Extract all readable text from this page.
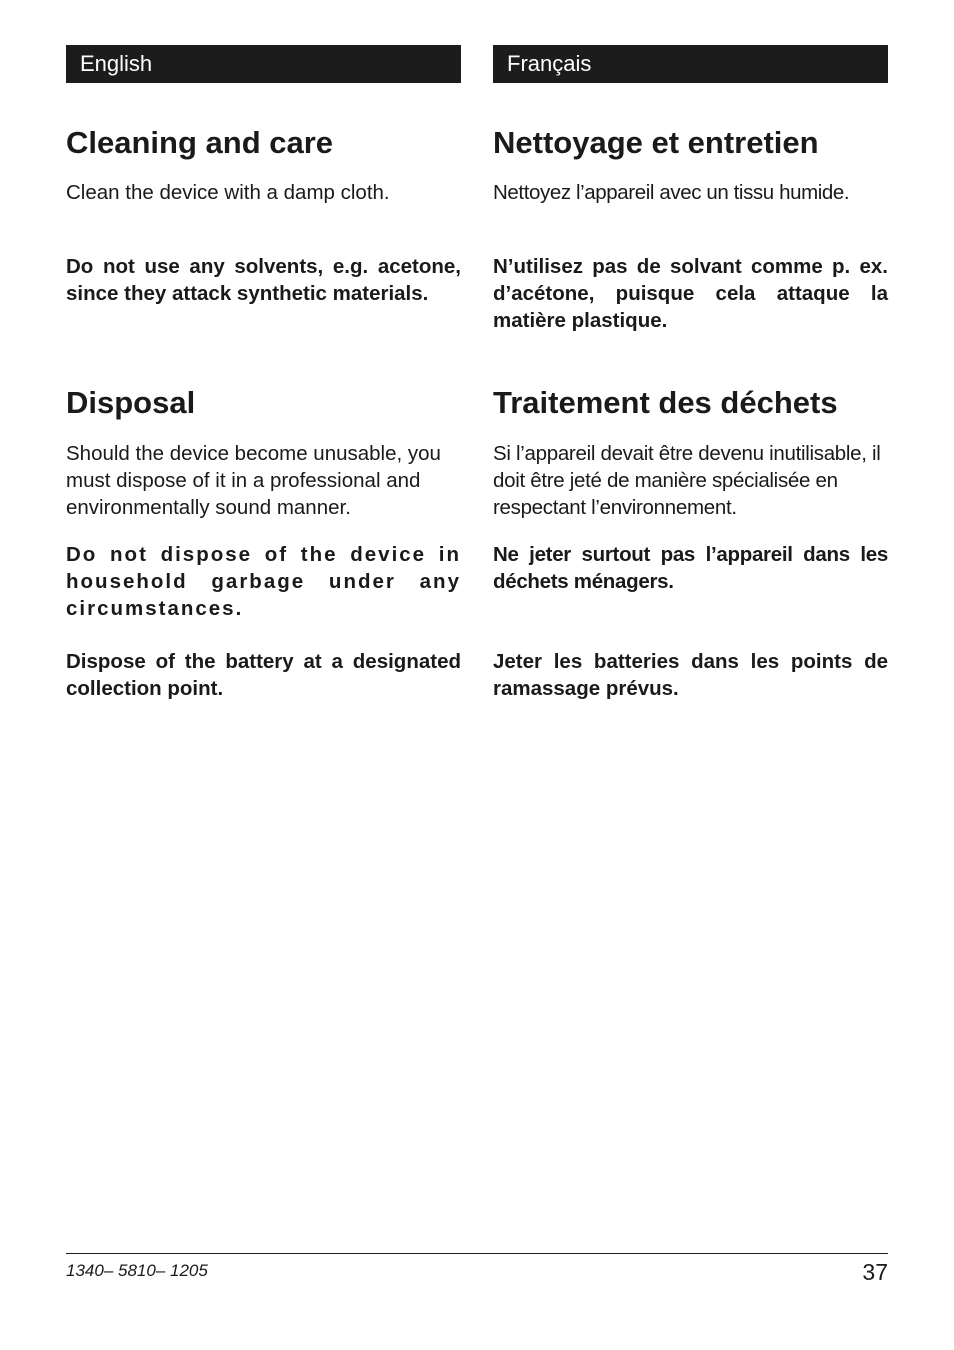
English
Cleaning and care

Clean the device with a damp cloth.

Do not use any solvents, e.g. acetone, since they attack synthetic materials.

Disposal

Should the device become unusable, you must dispose of it in a professional and environmentally sound manner.

Do not dispose of the device in household garbage under any circumstances.

Dispose of the battery at a designated collection point.

Français
Nettoyage et entretien

Nettoyez l’appareil avec un tissu humide.

N’utilisez pas de solvant comme p. ex. d’acétone, puisque cela attaque la matière plastique.

Traitement des déchets

Si l’appareil devait être devenu inutilisable, il doit être jeté de manière spécialisée en respectant l’environnement.

Ne jeter surtout pas l’appareil dans les déchets ménagers.

Jeter les batteries dans les points de ramassage prévus.

1340– 5810– 1205	37
